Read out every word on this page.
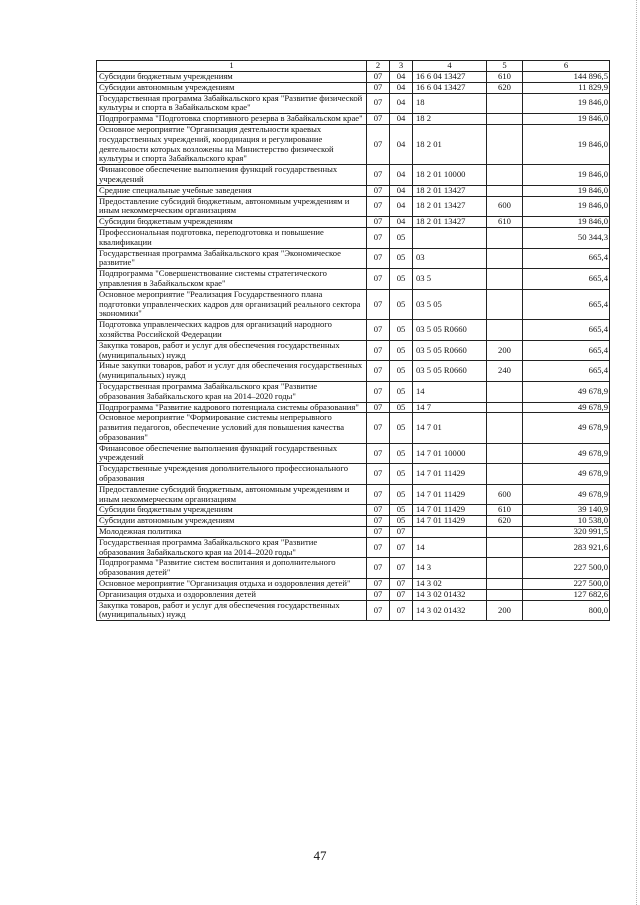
1	2	3	4	5	6
Субсидии бюджетным учреждениям	07	04	16 6 04 13427	610	144 896,5
Субсидии автономным учреждениям	07	04	16 6 04 13427	620	11 829,9
Государственная программа Забайкальского края "Развитие физической культуры и спорта в Забайкальском крае"	07	04	18		19 846,0
Подпрограмма "Подготовка спортивного резерва в Забайкальском крае"	07	04	18 2		19 846,0
Основное мероприятие "Организация деятельности краевых государственных учреждений, координация и регулирование деятельности которых возложены на Министерство физической культуры и спорта Забайкальского края"	07	04	18 2 01		19 846,0
Финансовое обеспечение выполнения функций государственных учреждений	07	04	18 2 01 10000		19 846,0
Средние специальные учебные заведения	07	04	18 2 01 13427		19 846,0
Предоставление субсидий бюджетным, автономным учреждениям и иным некоммерческим организациям	07	04	18 2 01 13427	600	19 846,0
Субсидии бюджетным учреждениям	07	04	18 2 01 13427	610	19 846,0
Профессиональная подготовка, переподготовка и повышение квалификации	07	05			50 344,3
Государственная программа Забайкальского края "Экономическое развитие"	07	05	03		665,4
Подпрограмма "Совершенствование системы стратегического управления в Забайкальском крае"	07	05	03 5		665,4
Основное мероприятие "Реализация Государственного плана подготовки управленческих кадров для организаций реального сектора экономики"	07	05	03 5 05		665,4
Подготовка управленческих кадров для организаций народного хозяйства Российской Федерации	07	05	03 5 05 R0660		665,4
Закупка товаров, работ и услуг для обеспечения государственных (муниципальных) нужд	07	05	03 5 05 R0660	200	665,4
Иные закупки товаров, работ и услуг для обеспечения государственных (муниципальных) нужд	07	05	03 5 05 R0660	240	665,4
Государственная программа Забайкальского края "Развитие образования Забайкальского края на 2014–2020 годы"	07	05	14		49 678,9
Подпрограмма "Развитие кадрового потенциала системы образования"	07	05	14 7		49 678,9
Основное мероприятие "Формирование системы непрерывного развития педагогов, обеспечение условий для повышения качества образования"	07	05	14 7 01		49 678,9
Финансовое обеспечение выполнения функций государственных учреждений	07	05	14 7 01 10000		49 678,9
Государственные учреждения дополнительного профессионального образования	07	05	14 7 01 11429		49 678,9
Предоставление субсидий бюджетным, автономным учреждениям и иным некоммерческим организациям	07	05	14 7 01 11429	600	49 678,9
Субсидии бюджетным учреждениям	07	05	14 7 01 11429	610	39 140,9
Субсидии автономным учреждениям	07	05	14 7 01 11429	620	10 538,0
Молодежная политика	07	07			320 991,5
Государственная программа Забайкальского края "Развитие образования Забайкальского края на 2014–2020 годы"	07	07	14		283 921,6
Подпрограмма "Развитие систем воспитания и дополнительного образования детей"	07	07	14 3		227 500,0
Основное мероприятие "Организация отдыха и оздоровления детей"	07	07	14 3 02		227 500,0
Организация отдыха и оздоровления детей	07	07	14 3 02 01432		127 682,6
Закупка товаров, работ и услуг для обеспечения государственных (муниципальных) нужд	07	07	14 3 02 01432	200	800,0
47
